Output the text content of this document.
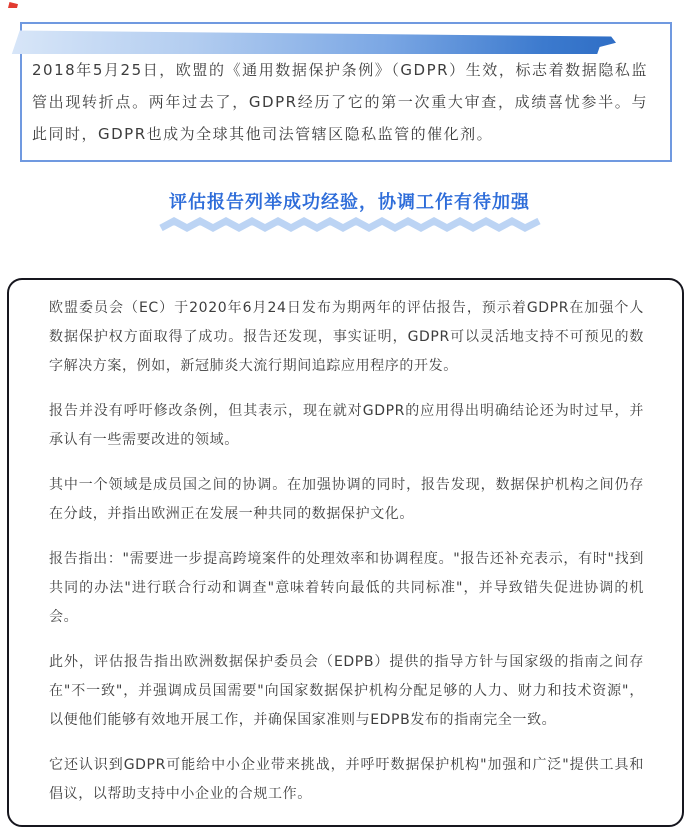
2018年5月25日，欧盟的《通用数据保护条例》（GDPR）生效，标志着数据隐私监管出现转折点。两年过去了，GDPR经历了它的第一次重大审查，成绩喜忧参半。与此同时，GDPR也成为全球其他司法管辖区隐私监管的催化剂。
评估报告列举成功经验，协调工作有待加强

欧盟委员会（EC）于2020年6月24日发布为期两年的评估报告，预示着GDPR在加强个人数据保护权方面取得了成功。报告还发现，事实证明，GDPR可以灵活地支持不可预见的数字解决方案，例如，新冠肺炎大流行期间追踪应用程序的开发。

报告并没有呼吁修改条例，但其表示，现在就对GDPR的应用得出明确结论还为时过早，并承认有一些需要改进的领域。

其中一个领域是成员国之间的协调。在加强协调的同时，报告发现，数据保护机构之间仍存在分歧，并指出欧洲正在发展一种共同的数据保护文化。

报告指出："需要进一步提高跨境案件的处理效率和协调程度。"报告还补充表示，有时"找到共同的办法"进行联合行动和调查"意味着转向最低的共同标准"，并导致错失促进协调的机会。

此外，评估报告指出欧洲数据保护委员会（EDPB）提供的指导方针与国家级的指南之间存在"不一致"，并强调成员国需要"向国家数据保护机构分配足够的人力、财力和技术资源"，以便他们能够有效地开展工作，并确保国家准则与EDPB发布的指南完全一致。

它还认识到GDPR可能给中小企业带来挑战，并呼吁数据保护机构"加强和广泛"提供工具和倡议，以帮助支持中小企业的合规工作。
